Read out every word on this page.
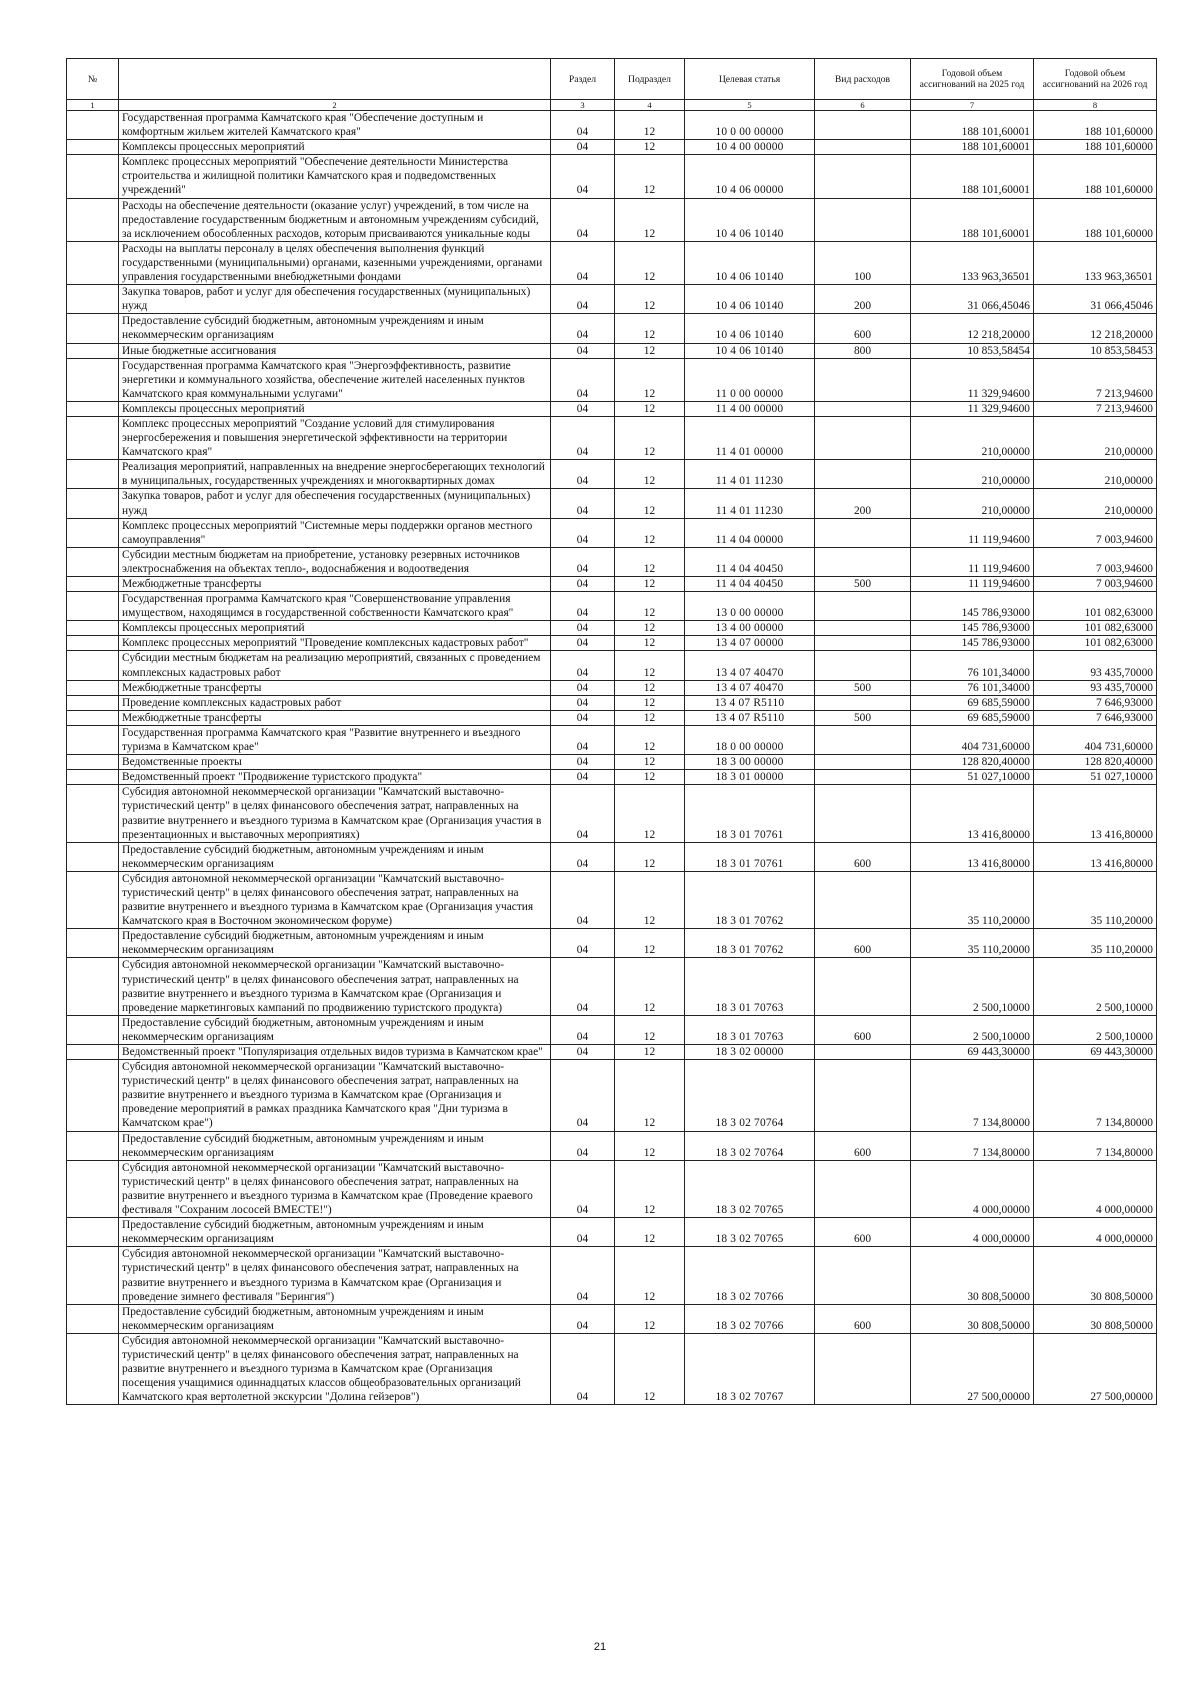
№		Раздел	Подраздел	Целевая статья	Вид расходов	Годовой объем ассигнований на 2025 год	Годовой объем ассигнований на 2026 год
1	2	3	4	5	6	7	8
	Государственная программа Камчатского края "Обеспечение доступным и комфортным жильем жителей Камчатского края"	04	12	10 0 00 00000		188 101,60001	188 101,60000
	Комплексы процессных мероприятий	04	12	10 4 00 00000		188 101,60001	188 101,60000
	Комплекс процессных мероприятий "Обеспечение деятельности Министерства строительства и жилищной политики Камчатского края и подведомственных учреждений"	04	12	10 4 06 00000		188 101,60001	188 101,60000
	Расходы на обеспечение деятельности (оказание услуг) учреждений, в том числе на предоставление государственным бюджетным и автономным учреждениям субсидий, за исключением обособленных расходов, которым присваиваются уникальные коды	04	12	10 4 06 10140		188 101,60001	188 101,60000
	Расходы на выплаты персоналу в целях обеспечения выполнения функций государственными (муниципальными) органами, казенными учреждениями, органами управления государственными внебюджетными фондами	04	12	10 4 06 10140	100	133 963,36501	133 963,36501
	Закупка товаров, работ и услуг для обеспечения государственных (муниципальных) нужд	04	12	10 4 06 10140	200	31 066,45046	31 066,45046
	Предоставление субсидий бюджетным, автономным учреждениям и иным некоммерческим организациям	04	12	10 4 06 10140	600	12 218,20000	12 218,20000
	Иные бюджетные ассигнования	04	12	10 4 06 10140	800	10 853,58454	10 853,58453
	Государственная программа Камчатского края "Энергоэффективность, развитие энергетики и коммунального хозяйства, обеспечение жителей населенных пунктов Камчатского края коммунальными услугами"	04	12	11 0 00 00000		11 329,94600	7 213,94600
	Комплексы процессных мероприятий	04	12	11 4 00 00000		11 329,94600	7 213,94600
	Комплекс процессных мероприятий "Создание условий для стимулирования энергосбережения и повышения энергетической эффективности на территории Камчатского края"	04	12	11 4 01 00000		210,00000	210,00000
	Реализация мероприятий, направленных на внедрение энергосберегающих технологий в муниципальных, государственных учреждениях и многоквартирных домах	04	12	11 4 01 11230		210,00000	210,00000
	Закупка товаров, работ и услуг для обеспечения государственных (муниципальных) нужд	04	12	11 4 01 11230	200	210,00000	210,00000
	Комплекс процессных мероприятий "Системные меры поддержки органов местного самоуправления"	04	12	11 4 04 00000		11 119,94600	7 003,94600
	Субсидии местным бюджетам на приобретение, установку резервных источников электроснабжения на объектах тепло-, водоснабжения и водоотведения	04	12	11 4 04 40450		11 119,94600	7 003,94600
	Межбюджетные трансферты	04	12	11 4 04 40450	500	11 119,94600	7 003,94600
	Государственная программа Камчатского края "Совершенствование управления имуществом, находящимся в государственной собственности Камчатского края"	04	12	13 0 00 00000		145 786,93000	101 082,63000
	Комплексы процессных мероприятий	04	12	13 4 00 00000		145 786,93000	101 082,63000
	Комплекс процессных мероприятий "Проведение комплексных кадастровых работ"	04	12	13 4 07 00000		145 786,93000	101 082,63000
	Субсидии местным бюджетам на реализацию мероприятий, связанных с проведением комплексных кадастровых работ	04	12	13 4 07 40470		76 101,34000	93 435,70000
	Межбюджетные трансферты	04	12	13 4 07 40470	500	76 101,34000	93 435,70000
	Проведение комплексных кадастровых работ	04	12	13 4 07 R5110		69 685,59000	7 646,93000
	Межбюджетные трансферты	04	12	13 4 07 R5110	500	69 685,59000	7 646,93000
	Государственная программа Камчатского края "Развитие внутреннего и въездного туризма в Камчатском крае"	04	12	18 0 00 00000		404 731,60000	404 731,60000
	Ведомственные проекты	04	12	18 3 00 00000		128 820,40000	128 820,40000
	Ведомственный проект "Продвижение туристского продукта"	04	12	18 3 01 00000		51 027,10000	51 027,10000
	Субсидия автономной некоммерческой организации "Камчатский выставочно-туристический центр" в целях финансового обеспечения затрат, направленных на развитие внутреннего и въездного туризма в Камчатском крае (Организация участия в презентационных и выставочных мероприятиях)	04	12	18 3 01 70761		13 416,80000	13 416,80000
	Предоставление субсидий бюджетным, автономным учреждениям и иным некоммерческим организациям	04	12	18 3 01 70761	600	13 416,80000	13 416,80000
	Субсидия автономной некоммерческой организации "Камчатский выставочно-туристический центр" в целях финансового обеспечения затрат, направленных на развитие внутреннего и въездного туризма в Камчатском крае (Организация участия Камчатского края в Восточном экономическом форуме)	04	12	18 3 01 70762		35 110,20000	35 110,20000
	Предоставление субсидий бюджетным, автономным учреждениям и иным некоммерческим организациям	04	12	18 3 01 70762	600	35 110,20000	35 110,20000
	Субсидия автономной некоммерческой организации "Камчатский выставочно-туристический центр" в целях финансового обеспечения затрат, направленных на развитие внутреннего и въездного туризма в Камчатском крае (Организация и проведение маркетинговых кампаний по продвижению туристского продукта)	04	12	18 3 01 70763		2 500,10000	2 500,10000
	Предоставление субсидий бюджетным, автономным учреждениям и иным некоммерческим организациям	04	12	18 3 01 70763	600	2 500,10000	2 500,10000
	Ведомственный проект "Популяризация отдельных видов туризма в Камчатском крае"	04	12	18 3 02 00000		69 443,30000	69 443,30000
	Субсидия автономной некоммерческой организации "Камчатский выставочно-туристический центр" в целях финансового обеспечения затрат, направленных на развитие внутреннего и въездного туризма в Камчатском крае (Организация и проведение мероприятий в рамках праздника Камчатского края "Дни туризма в Камчатском крае")	04	12	18 3 02 70764		7 134,80000	7 134,80000
	Предоставление субсидий бюджетным, автономным учреждениям и иным некоммерческим организациям	04	12	18 3 02 70764	600	7 134,80000	7 134,80000
	Субсидия автономной некоммерческой организации "Камчатский выставочно-туристический центр" в целях финансового обеспечения затрат, направленных на развитие внутреннего и въездного туризма в Камчатском крае (Проведение краевого фестиваля "Сохраним лососей ВМЕСТЕ!")	04	12	18 3 02 70765		4 000,00000	4 000,00000
	Предоставление субсидий бюджетным, автономным учреждениям и иным некоммерческим организациям	04	12	18 3 02 70765	600	4 000,00000	4 000,00000
	Субсидия автономной некоммерческой организации "Камчатский выставочно-туристический центр" в целях финансового обеспечения затрат, направленных на развитие внутреннего и въездного туризма в Камчатском крае (Организация и проведение зимнего фестиваля "Берингия")	04	12	18 3 02 70766		30 808,50000	30 808,50000
	Предоставление субсидий бюджетным, автономным учреждениям и иным некоммерческим организациям	04	12	18 3 02 70766	600	30 808,50000	30 808,50000
	Субсидия автономной некоммерческой организации "Камчатский выставочно-туристический центр" в целях финансового обеспечения затрат, направленных на развитие внутреннего и въездного туризма в Камчатском крае (Организация посещения учащимися одиннадцатых классов общеобразовательных организаций Камчатского края вертолетной экскурсии "Долина гейзеров")	04	12	18 3 02 70767		27 500,00000	27 500,00000
21
